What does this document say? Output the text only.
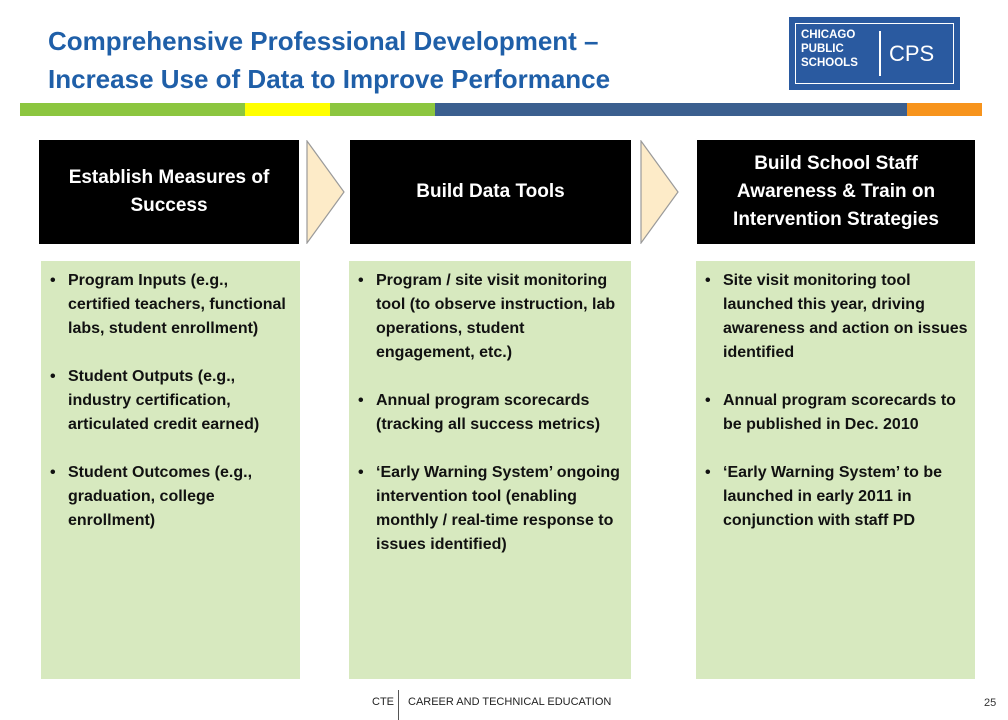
Comprehensive Professional Development –
Increase Use of Data to Improve Performance
CHICAGO
PUBLIC
SCHOOLS CPS
Establish Measures of Success
Build Data Tools
Build School Staff Awareness & Train on Intervention Strategies
• Program Inputs (e.g., certified teachers, functional labs, student enrollment)
• Student Outputs (e.g., industry certification, articulated credit earned)
• Student Outcomes (e.g., graduation, college enrollment)
• Program / site visit monitoring tool (to observe instruction, lab operations, student engagement, etc.)
• Annual program scorecards (tracking all success metrics)
• ‘Early Warning System’ ongoing intervention tool (enabling monthly / real-time response to issues identified)
• Site visit monitoring tool launched this year, driving awareness and action on issues identified
• Annual program scorecards to be published in Dec. 2010
• ‘Early Warning System’ to be launched in early 2011 in conjunction with staff PD
CTE CAREER AND TECHNICAL EDUCATION	25
